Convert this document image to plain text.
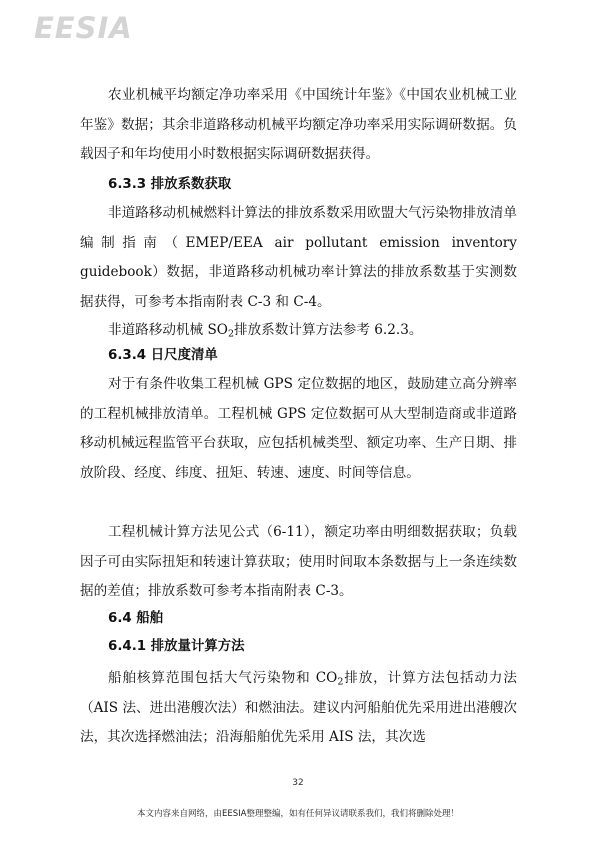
EESIA

农业机械平均额定净功率采用《中国统计年鉴》《中国农业机械工业年鉴》数据；其余非道路移动机械平均额定净功率采用实际调研数据。负载因子和年均使用小时数根据实际调研数据获得。

6.3.3 排放系数获取

非道路移动机械燃料计算法的排放系数采用欧盟大气污染物排放清单编制指南（EMEP/EEA air pollutant emission inventory guidebook）数据，非道路移动机械功率计算法的排放系数基于实测数据获得，可参考本指南附表 C-3 和 C-4。

非道路移动机械 $SO_2$排放系数计算方法参考 6.2.3。

6.3.4 日尺度清单

对于有条件收集工程机械 GPS 定位数据的地区，鼓励建立高分辨率的工程机械排放清单。工程机械 GPS 定位数据可从大型制造商或非道路移动机械远程监管平台获取，应包括机械类型、额定功率、生产日期、排放阶段、经度、纬度、扭矩、转速、速度、时间等信息。

工程机械计算方法见公式（6-11），额定功率由明细数据获取；负载因子可由实际扭矩和转速计算获取；使用时间取本条数据与上一条连续数据的差值；排放系数可参考本指南附表 C-3。

6.4 船舶
6.4.1 排放量计算方法

船舶核算范围包括大气污染物和 $CO_2$排放，计算方法包括动力法（AIS 法、进出港艘次法）和燃油法。建议内河船舶优先采用进出港艘次法，其次选择燃油法；沿海船舶优先采用 AIS 法，其次选

32
本文内容来自网络，由EESIA整理整编，如有任何异议请联系我们，我们将删除处理！
